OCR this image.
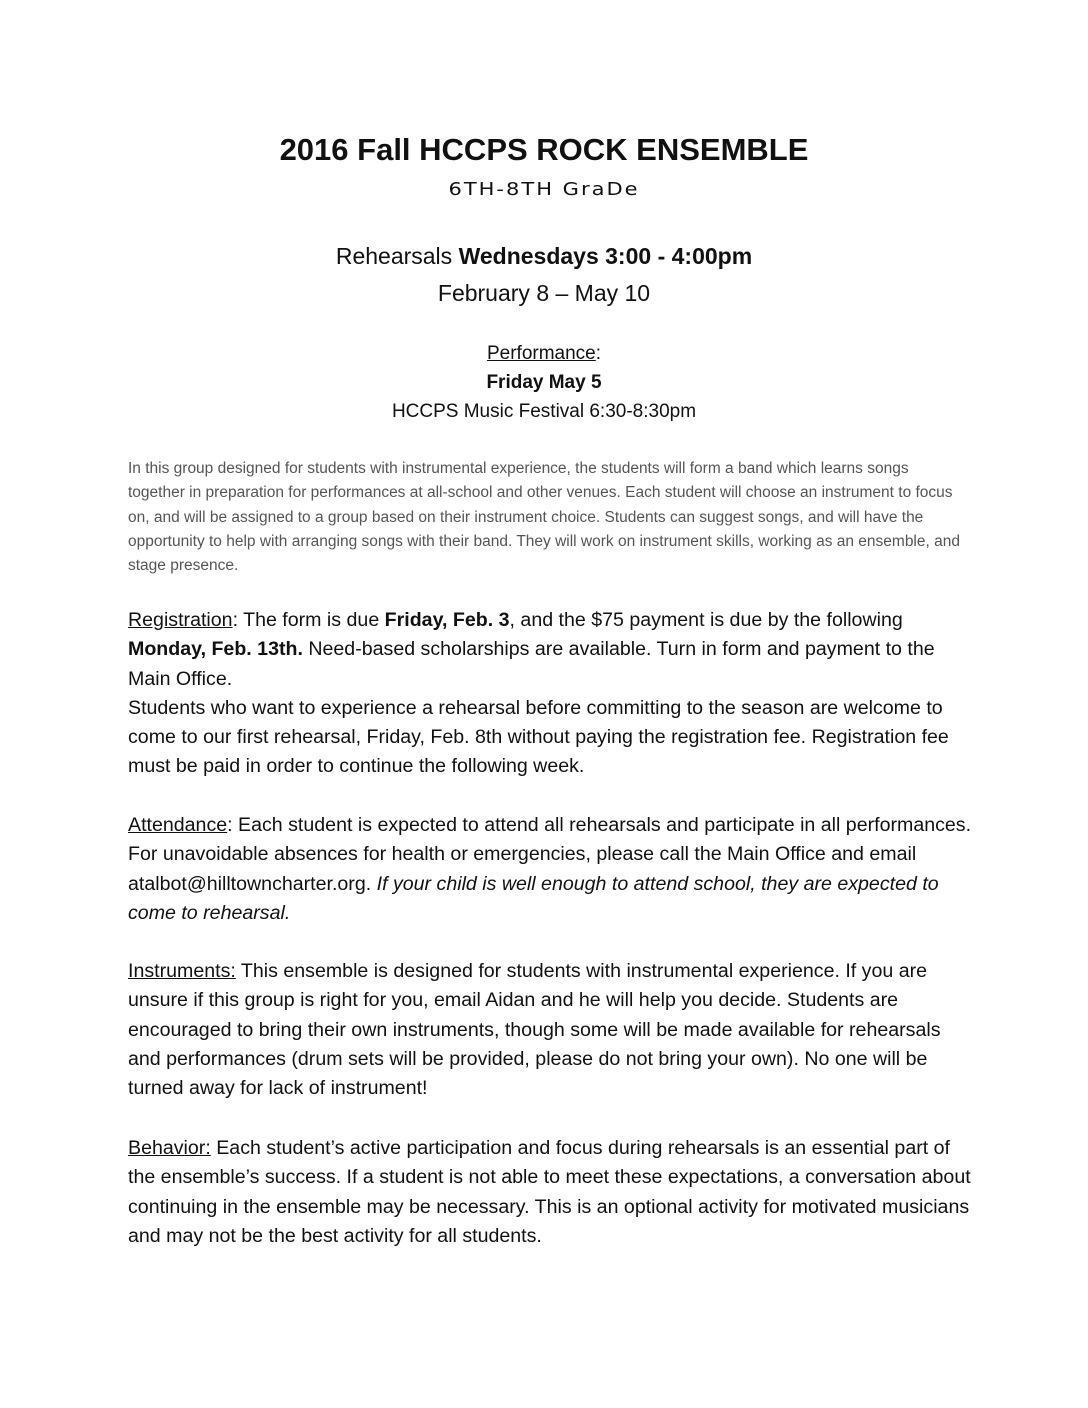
2016 Fall HCCPS ROCK ENSEMBLE
6TH-8TH GraDe
Rehearsals Wednesdays 3:00 - 4:00pm
February 8 – May 10
Performance:
Friday May 5
HCCPS Music Festival 6:30-8:30pm
In this group designed for students with instrumental experience, the students will form a band which learns songs together in preparation for performances at all-school and other venues. Each student will choose an instrument to focus on, and will be assigned to a group based on their instrument choice. Students can suggest songs, and will have the opportunity to help with arranging songs with their band. They will work on instrument skills, working as an ensemble, and stage presence.
Registration: The form is due Friday, Feb. 3, and the $75 payment is due by the following Monday, Feb. 13th. Need-based scholarships are available. Turn in form and payment to the Main Office.
Students who want to experience a rehearsal before committing to the season are welcome to come to our first rehearsal, Friday, Feb. 8th without paying the registration fee. Registration fee must be paid in order to continue the following week.
Attendance: Each student is expected to attend all rehearsals and participate in all performances. For unavoidable absences for health or emergencies, please call the Main Office and email atalbot@hilltowncharter.org. If your child is well enough to attend school, they are expected to come to rehearsal.
Instruments: This ensemble is designed for students with instrumental experience. If you are unsure if this group is right for you, email Aidan and he will help you decide. Students are encouraged to bring their own instruments, though some will be made available for rehearsals and performances (drum sets will be provided, please do not bring your own). No one will be turned away for lack of instrument!
Behavior: Each student’s active participation and focus during rehearsals is an essential part of the ensemble’s success. If a student is not able to meet these expectations, a conversation about continuing in the ensemble may be necessary. This is an optional activity for motivated musicians and may not be the best activity for all students.
